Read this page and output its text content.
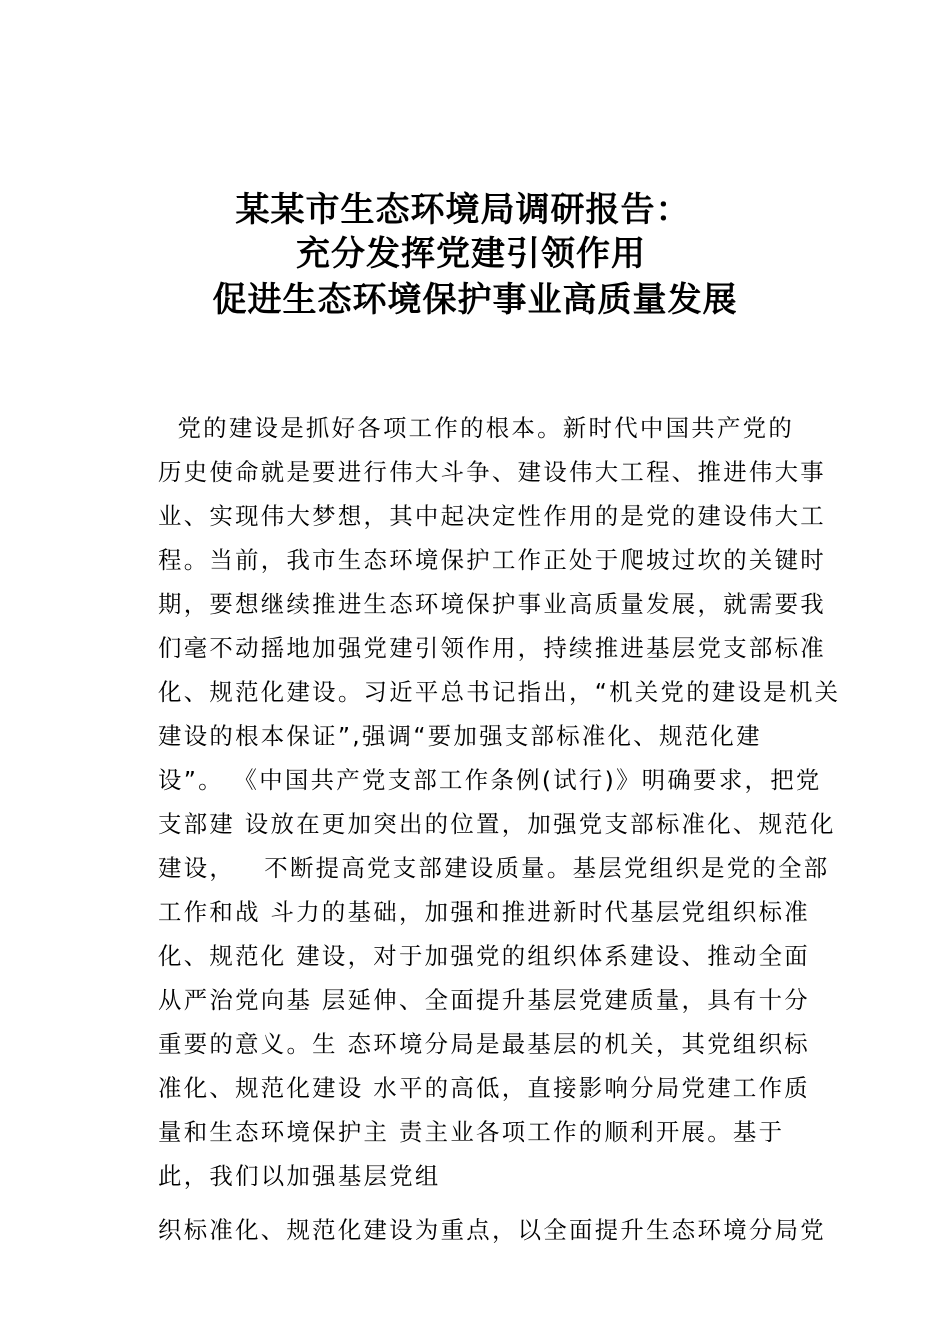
某某市生态环境局调研报告：
充分发挥党建引领作用
促进生态环境保护事业高质量发展
党的建设是抓好各项工作的根本。新时代中国共产党的
历史使命就是要进行伟大斗争、建设伟大工程、推进伟大事
业、实现伟大梦想，其中起决定性作用的是党的建设伟大工
程。当前，我市生态环境保护工作正处于爬坡过坎的关键时
期，要想继续推进生态环境保护事业高质量发展，就需要我
们毫不动摇地加强党建引领作用，持续推进基层党支部标准
化、规范化建设。习近平总书记指出，“机关党的建设是机关
建设的根本保证”,强调“要加强支部标准化、规范化建
设”。 《中国共产党支部工作条例(试行)》明确要求，把党
支部建 设放在更加突出的位置，加强党支部标准化、规范化
建设，   不断提高党支部建设质量。基层党组织是党的全部
工作和战 斗力的基础，加强和推进新时代基层党组织标准
化、规范化 建设，对于加强党的组织体系建设、推动全面
从严治党向基 层延伸、全面提升基层党建质量，具有十分
重要的意义。生 态环境分局是最基层的机关，其党组织标
准化、规范化建设 水平的高低，直接影响分局党建工作质
量和生态环境保护主 责主业各项工作的顺利开展。基于
此，我们以加强基层党组
织标准化、规范化建设为重点，以全面提升生态环境分局党
